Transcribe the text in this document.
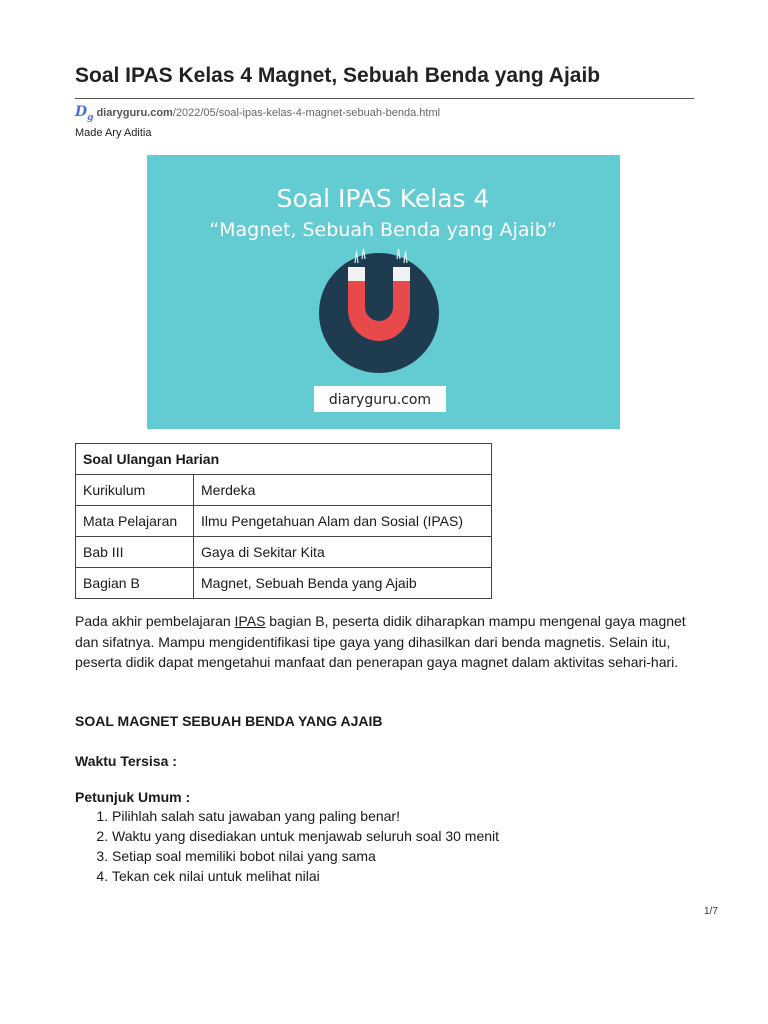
Soal IPAS Kelas 4 Magnet, Sebuah Benda yang Ajaib
$D_g$ diaryguru.com /2022/05/soal-ipas-kelas-4-magnet-sebuah-benda.html
Made Ary Aditia
Soal IPAS Kelas 4
“Magnet, Sebuah Benda yang Ajaib”
diaryguru.com
Soal Ulangan Harian	
Kurikulum	Merdeka
Mata Pelajaran	Ilmu Pengetahuan Alam dan Sosial (IPAS)
Bab III	Gaya di Sekitar Kita
Bagian B	Magnet, Sebuah Benda yang Ajaib

Pada akhir pembelajaran IPAS bagian B, peserta didik diharapkan mampu mengenal gaya magnet dan sifatnya. Mampu mengidentifikasi tipe gaya yang dihasilkan dari benda magnetis. Selain itu, peserta didik dapat mengetahui manfaat dan penerapan gaya magnet dalam aktivitas sehari-hari.

SOAL MAGNET SEBUAH BENDA YANG AJAIB
Waktu Tersisa :
Petunjuk Umum :
1. Pilihlah salah satu jawaban yang paling benar!
2. Waktu yang disediakan untuk menjawab seluruh soal 30 menit
3. Setiap soal memiliki bobot nilai yang sama
4. Tekan cek nilai untuk melihat nilai
1/7
